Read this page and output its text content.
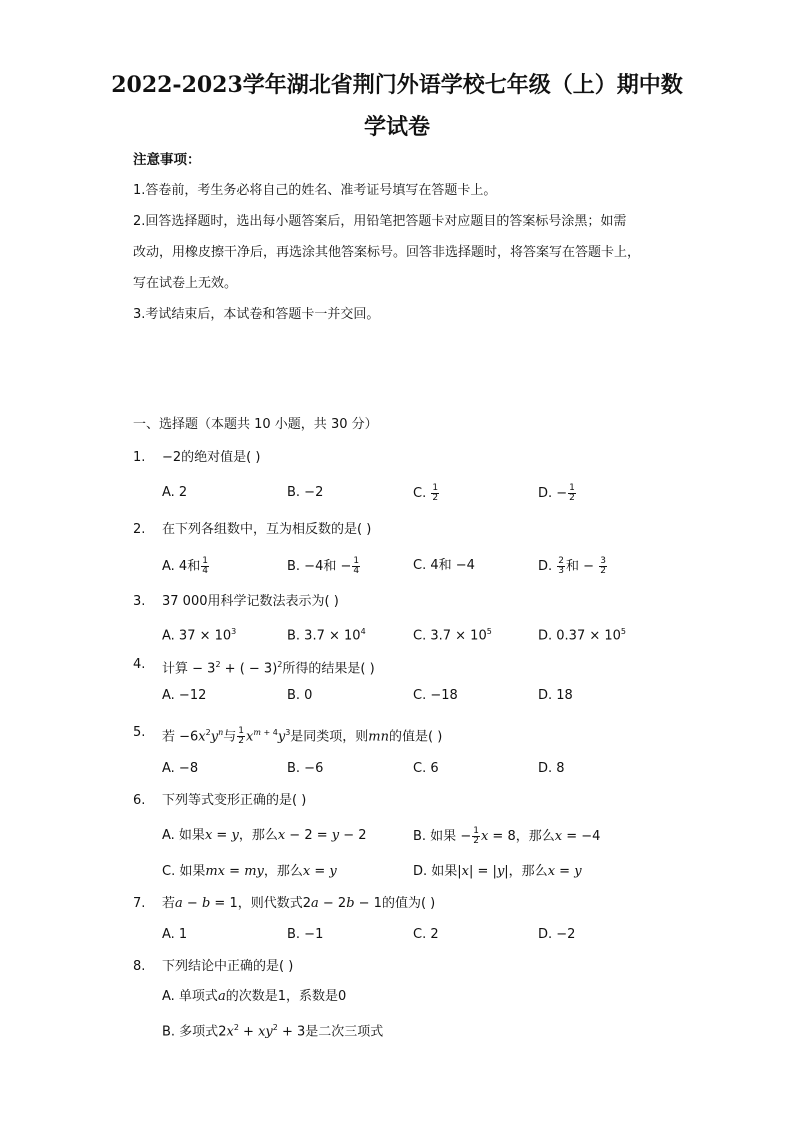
2022-2023学年湖北省荆门外语学校七年级（上）期中数
学试卷
注意事项：
1.答卷前，考生务必将自己的姓名、准考证号填写在答题卡上。
2.回答选择题时，选出每小题答案后，用铅笔把答题卡对应题目的答案标号涂黑；如需
改动，用橡皮擦干净后，再选涂其他答案标号。回答非选择题时，将答案写在答题卡上，
写在试卷上无效。
3.考试结束后，本试卷和答题卡一并交回。
一、选择题（本题共 10 小题，共 30 分）
1. −2的绝对值是( )
A. 2	B. −2	C. $\frac{1}{2}$	D. − $\frac{1}{2}$
2. 在下列各组数中，互为相反数的是( )
A. 4和 $\frac{1}{4}$	B. −4和 − $\frac{1}{4}$	C. 4和 −4	D. $\frac{2}{3}$ 和 − $\frac{3}{2}$
3. 37 000用科学记数法表示为( )
A. $37 \times 10^3$	B. $3.7 \times 10^4$	C. $3.7 \times 10^5$	D. $0.37 \times 10^5$
4. 计算 − $3^2$ + ( − 3)$^2$所得的结果是( )
A. −12	B. 0	C. −18	D. 18
5. 若 $-6x^2y^n$与 $\frac{1}{2} x^{m + 4}y^3$是同类项，则mn的值是( )
A. −8	B. −6	C. 6	D. 8
6. 下列等式变形正确的是( )
A. 如果x = y，那么x − 2 = y − 2	B. 如果 − $\frac{1}{2}$ x = 8，那么x = −4
C. 如果mx = my，那么x = y	D. 如果|x| = |y|，那么x = y
7. 若a − b = 1，则代数式2a − 2b − 1的值为( )
A. 1	B. −1	C. 2	D. −2
8. 下列结论中正确的是( )
A. 单项式a的次数是1，系数是0
B. 多项式$2x^2 + xy^2 + 3$是二次三项式
